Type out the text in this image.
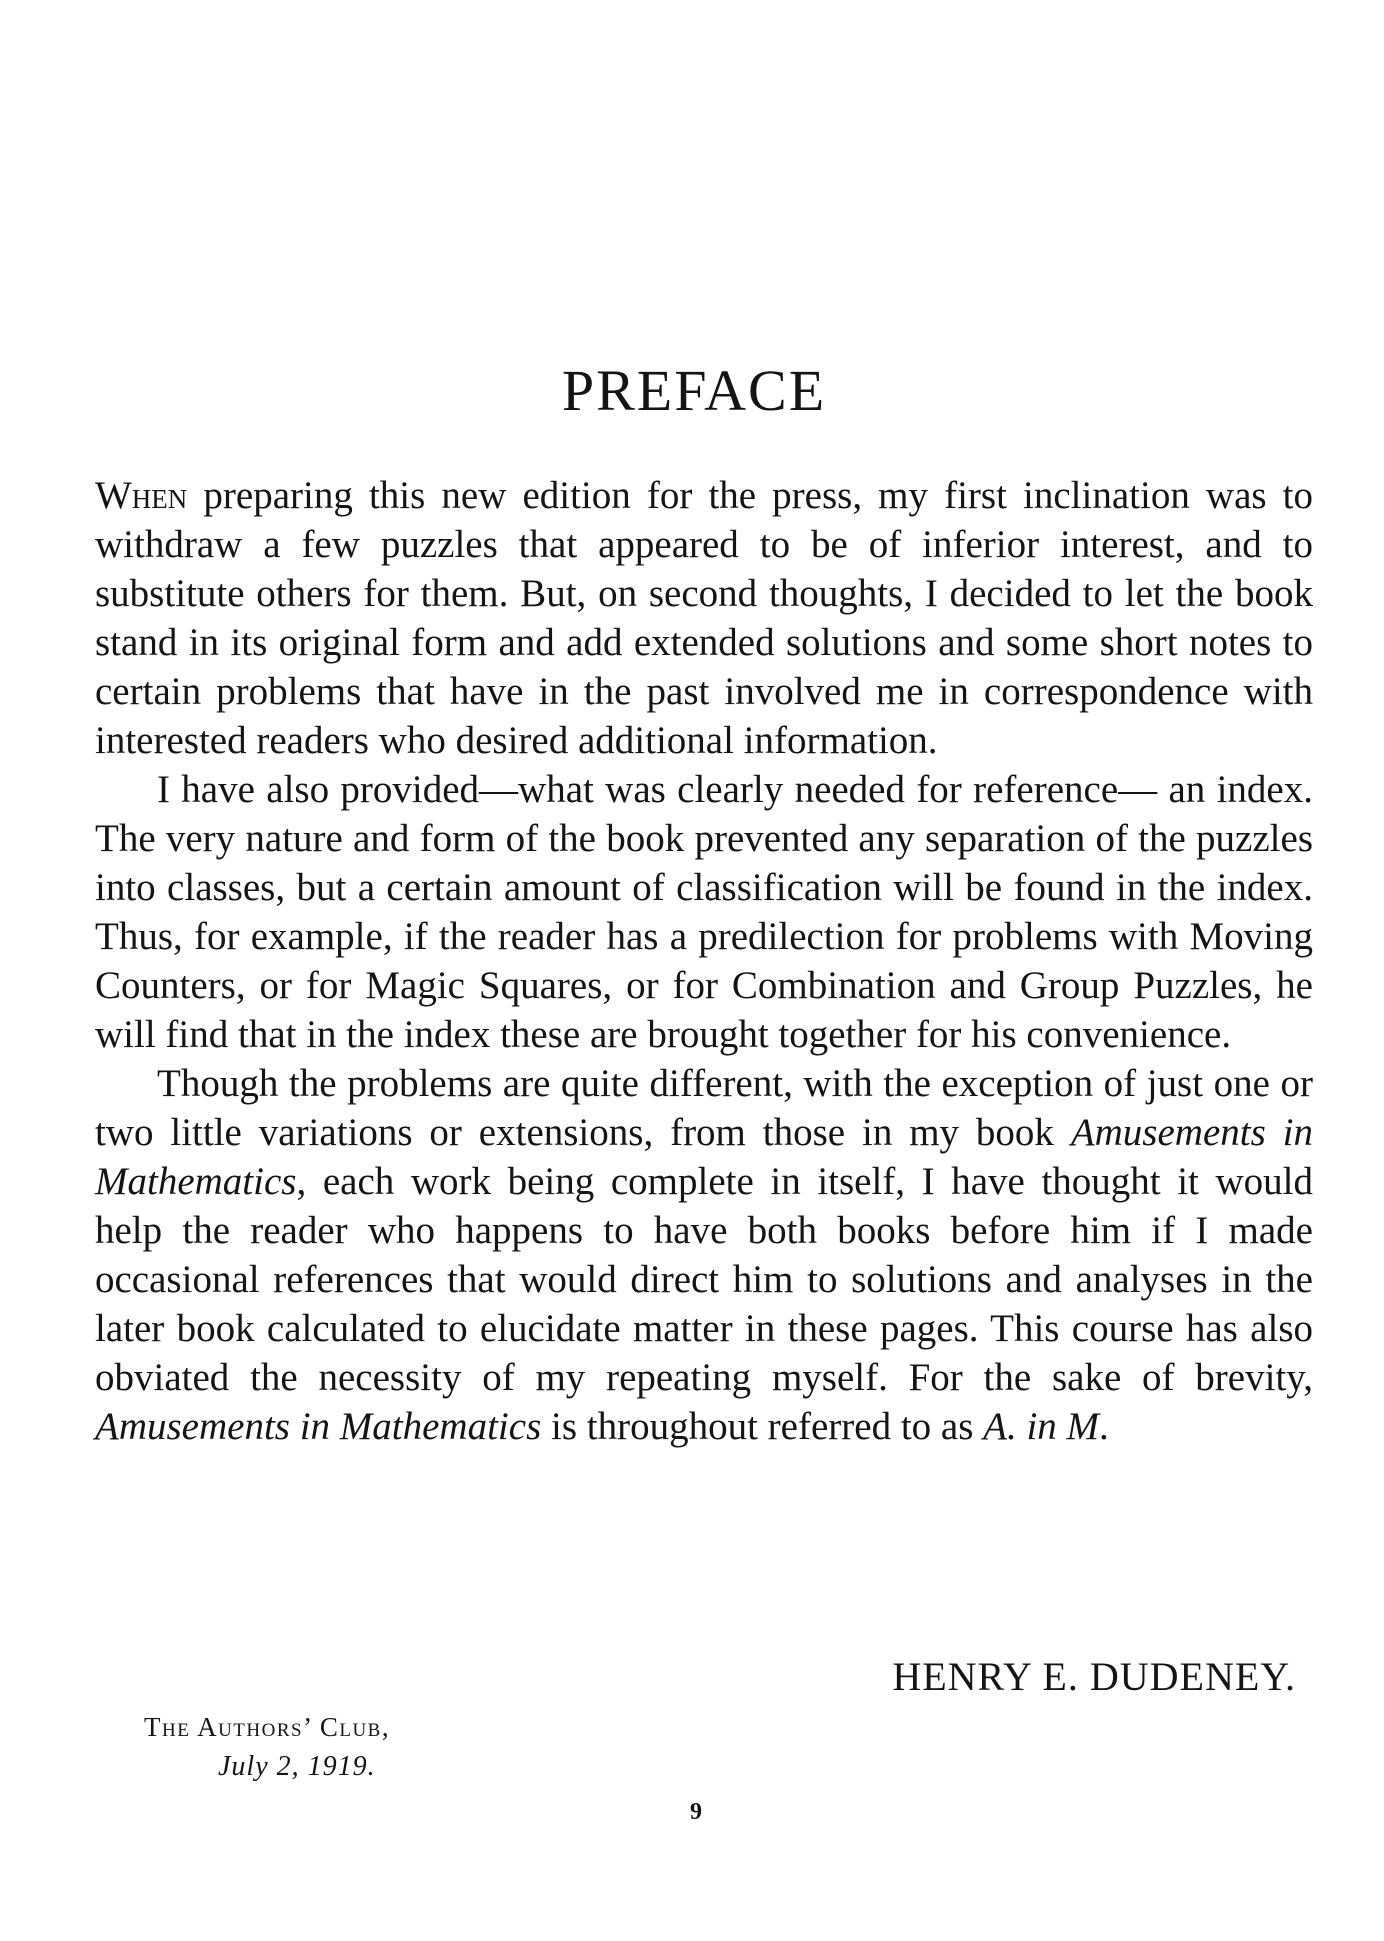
PREFACE

When preparing this new edition for the press, my first inclination was to withdraw a few puzzles that appeared to be of inferior interest, and to substitute others for them. But, on second thoughts, I decided to let the book stand in its original form and add extended solutions and some short notes to certain problems that have in the past involved me in correspondence with interested readers who desired additional information.

I have also provided—what was clearly needed for reference— an index. The very nature and form of the book prevented any separation of the puzzles into classes, but a certain amount of classification will be found in the index. Thus, for example, if the reader has a predilection for problems with Moving Counters, or for Magic Squares, or for Combination and Group Puzzles, he will find that in the index these are brought together for his convenience.

Though the problems are quite different, with the exception of just one or two little variations or extensions, from those in my book Amusements in Mathematics, each work being complete in itself, I have thought it would help the reader who happens to have both books before him if I made occasional references that would direct him to solutions and analyses in the later book calculated to elucidate matter in these pages. This course has also obviated the necessity of my repeating myself. For the sake of brevity, Amusements in Mathematics is throughout referred to as A. in M.

HENRY E. DUDENEY.
The Authors’ Club,
July 2, 1919.
9
